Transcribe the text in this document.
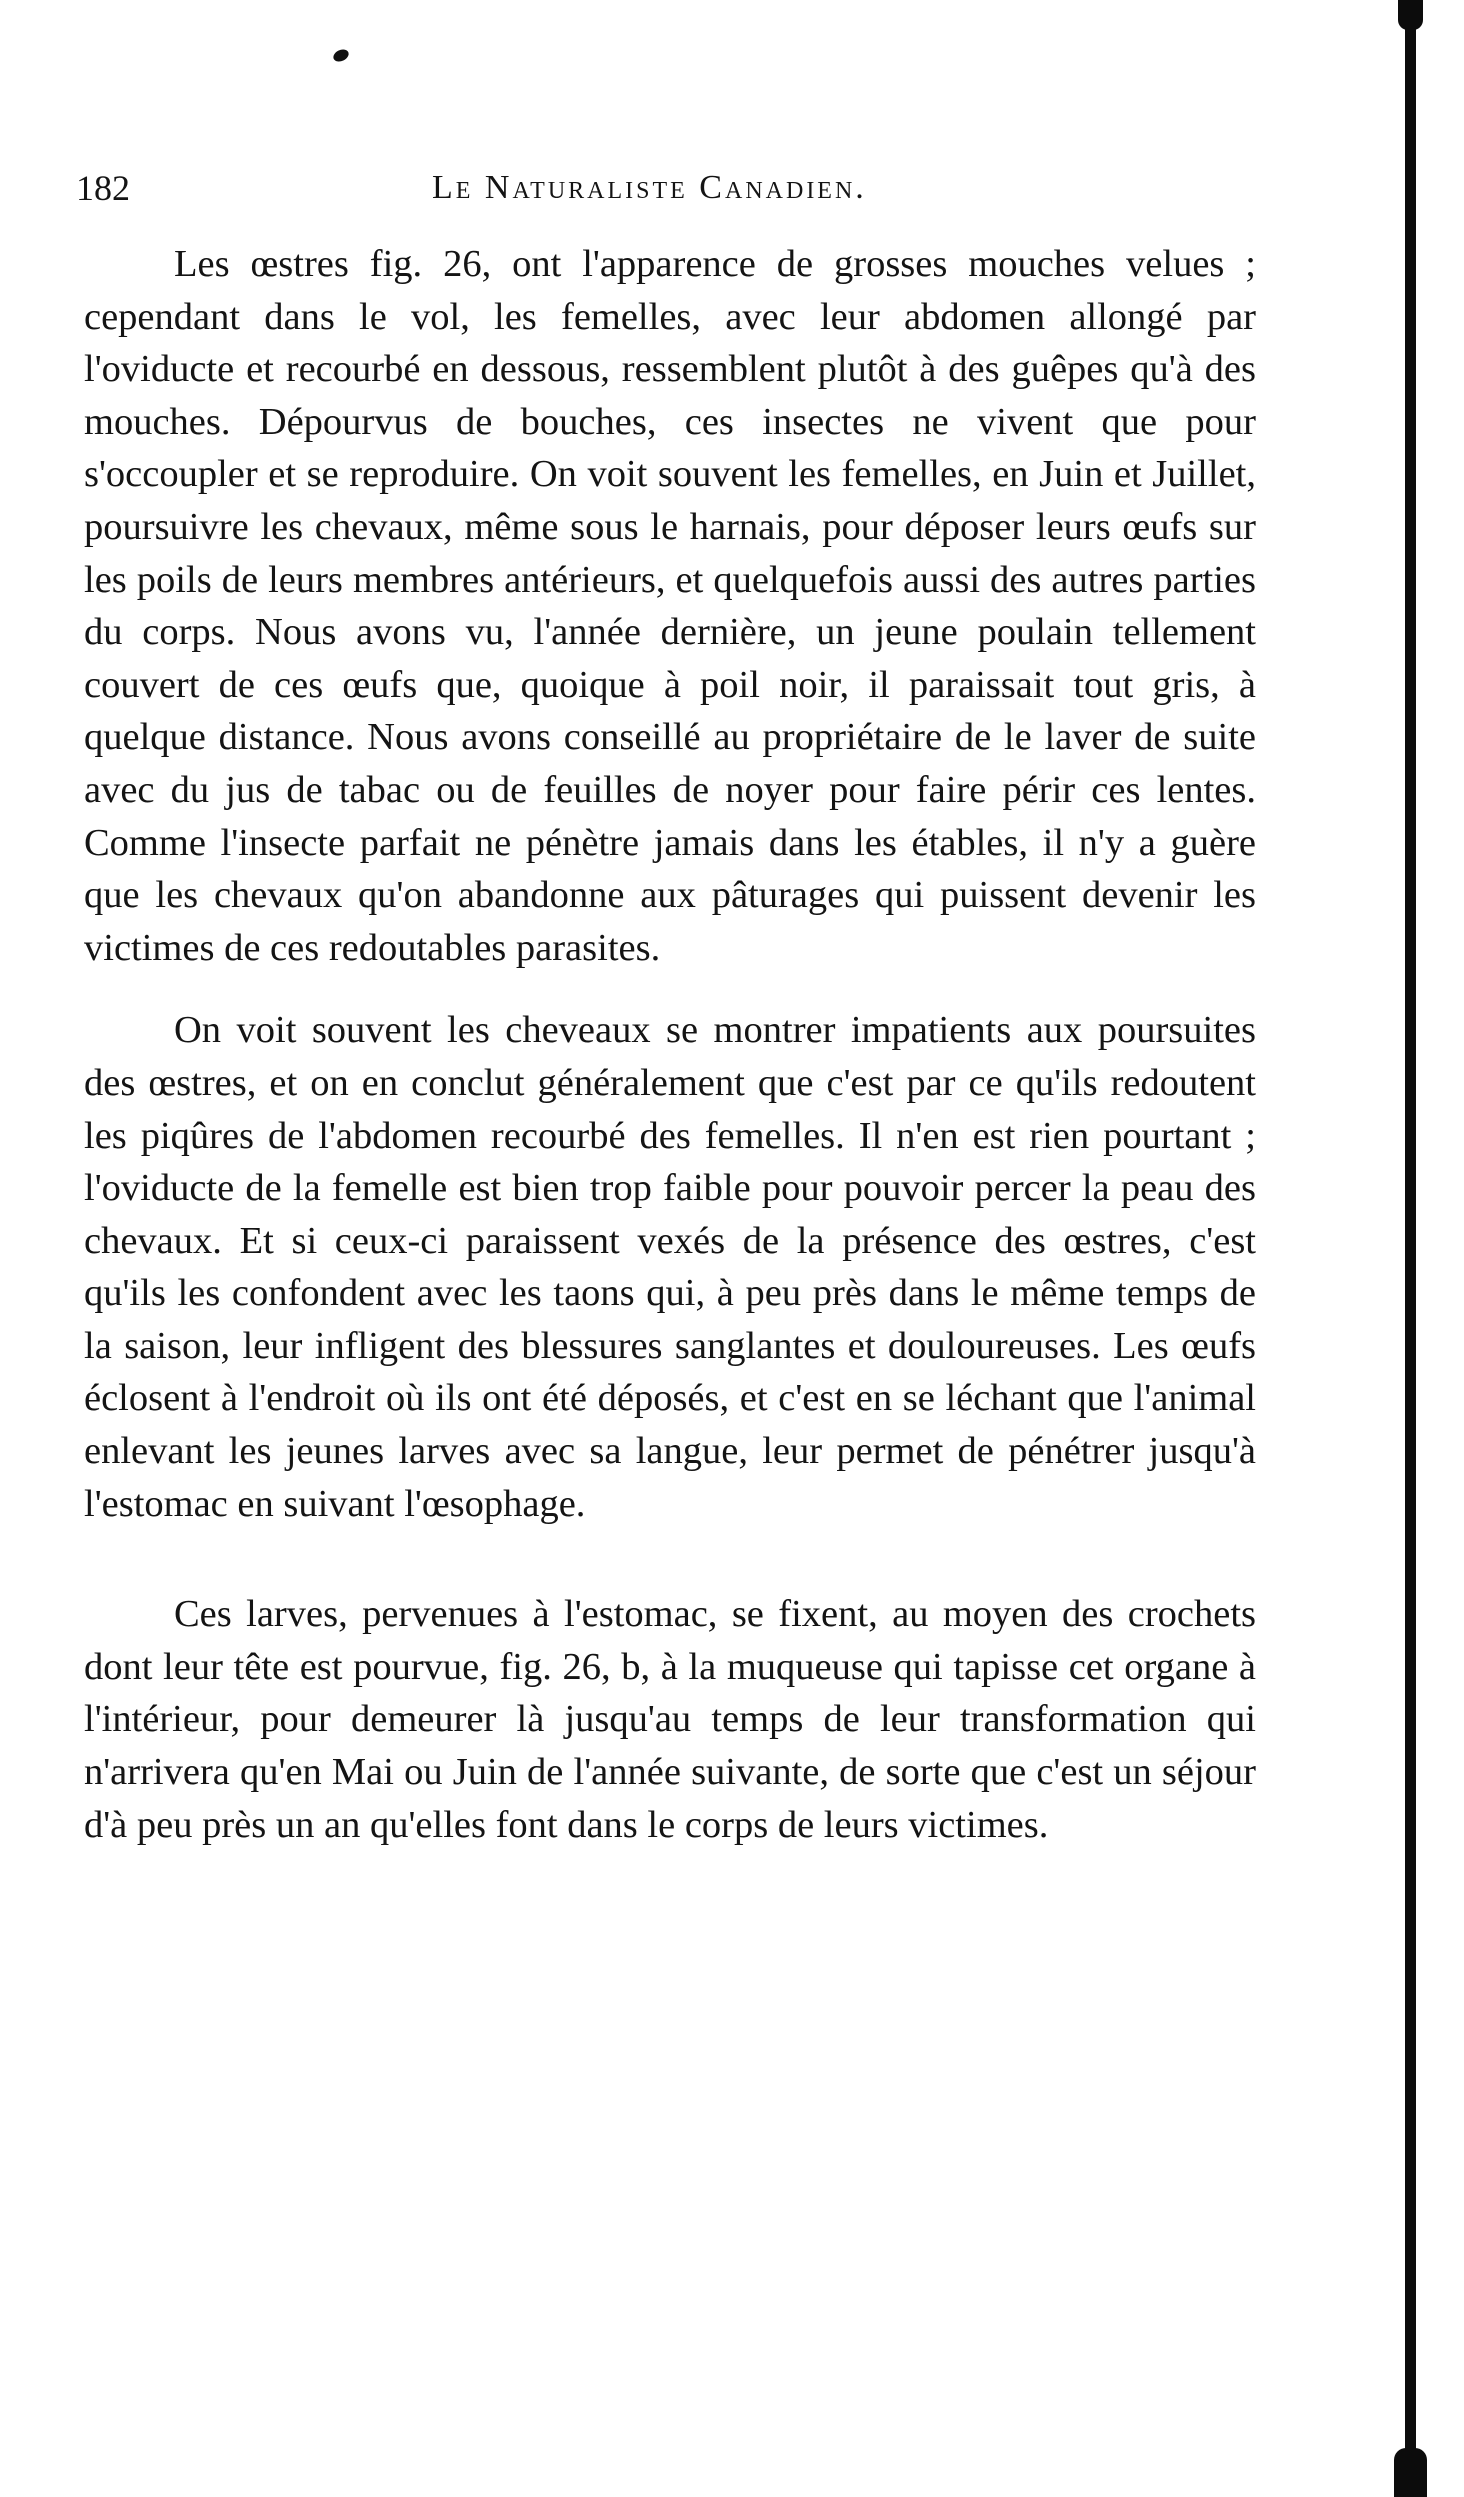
182	Le Naturaliste Canadien.

Les œstres fig. 26, ont l'apparence de grosses mouches velues ; cependant dans le vol, les femelles, avec leur abdomen allongé par l'oviducte et recourbé en dessous, ressemblent plutôt à des guêpes qu'à des mouches. Dépourvus de bouches, ces insectes ne vivent que pour s'occoupler et se reproduire. On voit souvent les femelles, en Juin et Juillet, poursuivre les chevaux, même sous le harnais, pour déposer leurs œufs sur les poils de leurs membres antérieurs, et quelquefois aussi des autres parties du corps. Nous avons vu, l'année dernière, un jeune poulain tellement couvert de ces œufs que, quoique à poil noir, il paraissait tout gris, à quelque distance. Nous avons conseillé au propriétaire de le laver de suite avec du jus de tabac ou de feuilles de noyer pour faire périr ces lentes. Comme l'insecte parfait ne pénètre jamais dans les étables, il n'y a guère que les chevaux qu'on abandonne aux pâturages qui puissent devenir les victimes de ces redoutables parasites.

On voit souvent les cheveaux se montrer impatients aux poursuites des œstres, et on en conclut généralement que c'est par ce qu'ils redoutent les piqûres de l'abdomen recourbé des femelles. Il n'en est rien pourtant ; l'oviducte de la femelle est bien trop faible pour pouvoir percer la peau des chevaux. Et si ceux-ci paraissent vexés de la présence des œstres, c'est qu'ils les confondent avec les taons qui, à peu près dans le même temps de la saison, leur infligent des blessures sanglantes et douloureuses. Les œufs éclosent à l'endroit où ils ont été déposés, et c'est en se léchant que l'animal enlevant les jeunes larves avec sa langue, leur permet de pénétrer jusqu'à l'estomac en suivant l'œsophage.

Ces larves, pervenues à l'estomac, se fixent, au moyen des crochets dont leur tête est pourvue, fig. 26, b, à la muqueuse qui tapisse cet organe à l'intérieur, pour demeurer là jusqu'au temps de leur transformation qui n'arrivera qu'en Mai ou Juin de l'année suivante, de sorte que c'est un séjour d'à peu près un an qu'elles font dans le corps de leurs victimes.
